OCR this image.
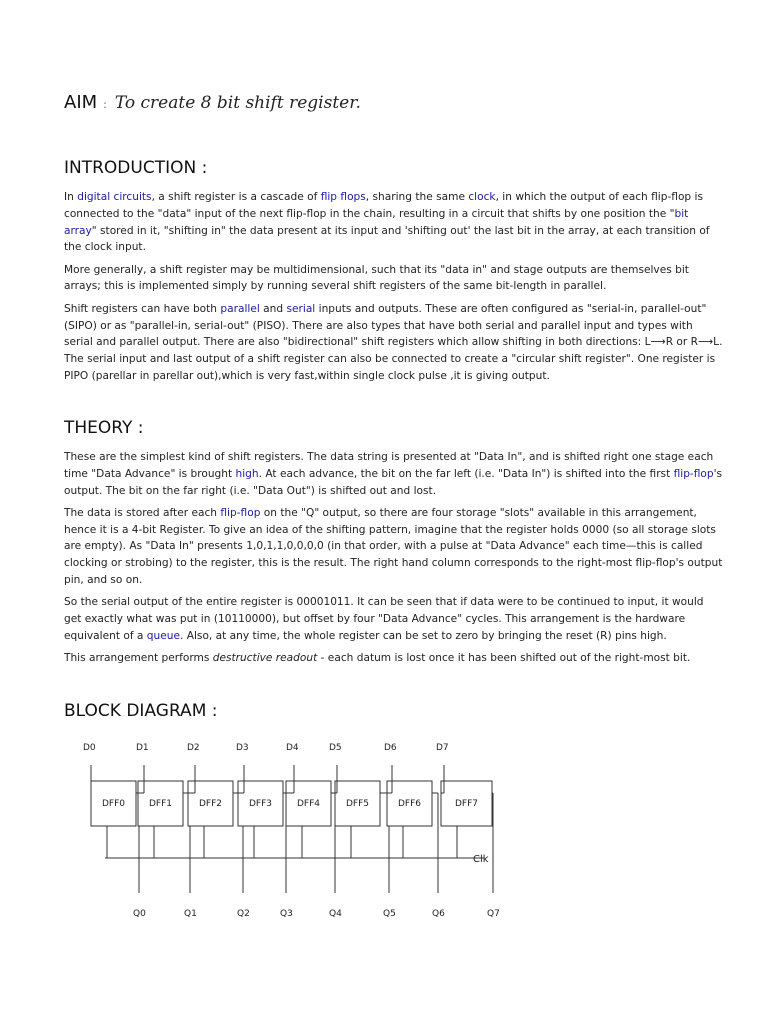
AIM : To create 8 bit shift register.
INTRODUCTION :

In digital circuits, a shift register is a cascade of flip flops, sharing the same clock, in which the output of each flip-flop is connected to the "data" input of the next flip-flop in the chain, resulting in a circuit that shifts by one position the "bit array" stored in it, "shifting in" the data present at its input and 'shifting out' the last bit in the array, at each transition of the clock input.

More generally, a shift register may be multidimensional, such that its "data in" and stage outputs are themselves bit arrays; this is implemented simply by running several shift registers of the same bit-length in parallel.

Shift registers can have both parallel and serial inputs and outputs. These are often configured as "serial-in, parallel-out" (SIPO) or as "parallel-in, serial-out" (PISO). There are also types that have both serial and parallel input and types with serial and parallel output. There are also "bidirectional" shift registers which allow shifting in both directions: L⟶R or R⟶L. The serial input and last output of a shift register can also be connected to create a "circular shift register". One register is PIPO (parellar in parellar out),which is very fast,within single clock pulse ,it is giving output.

THEORY :

These are the simplest kind of shift registers. The data string is presented at "Data In", and is shifted right one stage each time "Data Advance" is brought high. At each advance, the bit on the far left (i.e. "Data In") is shifted into the first flip-flop's output. The bit on the far right (i.e. "Data Out") is shifted out and lost.

The data is stored after each flip-flop on the "Q" output, so there are four storage "slots" available in this arrangement, hence it is a 4-bit Register. To give an idea of the shifting pattern, imagine that the register holds 0000 (so all storage slots are empty). As "Data In" presents 1,0,1,1,0,0,0,0 (in that order, with a pulse at "Data Advance" each time—this is called clocking or strobing) to the register, this is the result. The right hand column corresponds to the right-most flip-flop's output pin, and so on.

So the serial output of the entire register is 00001011. It can be seen that if data were to be continued to input, it would get exactly what was put in (10110000), but offset by four "Data Advance" cycles. This arrangement is the hardware equivalent of a queue. Also, at any time, the whole register can be set to zero by bringing the reset (R) pins high.

This arrangement performs destructive readout - each datum is lost once it has been shifted out of the right-most bit.

BLOCK DIAGRAM :
Clk
DFF0
D0
Q0
DFF1
D1
Q1
DFF2
D2
Q2
DFF3
D3
Q3
DFF4
D4
Q4
DFF5
D5
Q5
DFF6
D6
Q6
DFF7
D7
Q7
